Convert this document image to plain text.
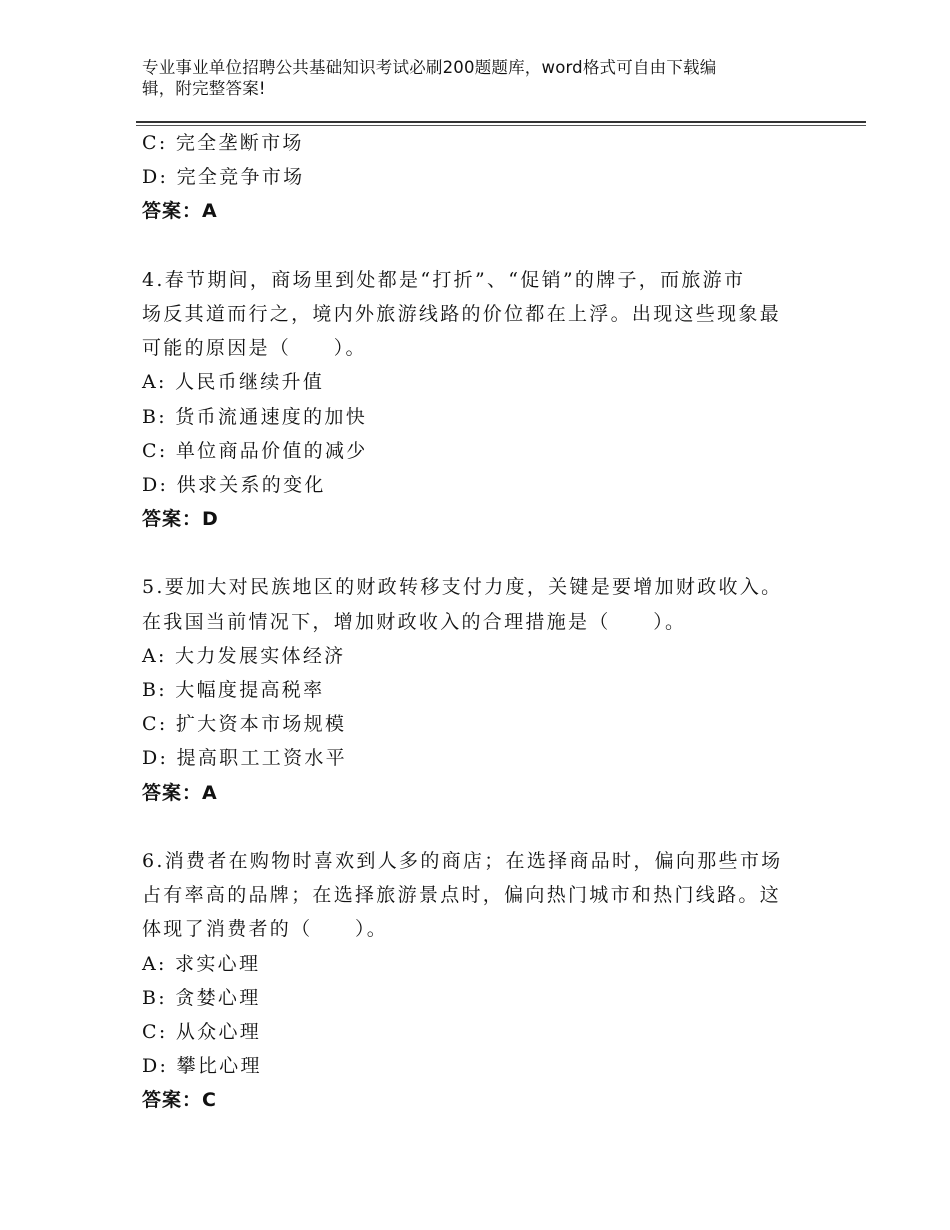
专业事业单位招聘公共基础知识考试必刷200题题库，word格式可自由下载编
辑，附完整答案!
C: 完全垄断市场
D: 完全竞争市场
答案：A
4.春节期间，商场里到处都是“打折”、“促销”的牌子，而旅游市
场反其道而行之，境内外旅游线路的价位都在上浮。出现这些现象最
可能的原因是（　　）。
A: 人民币继续升值
B: 货币流通速度的加快
C: 单位商品价值的减少
D: 供求关系的变化
答案：D
5.要加大对民族地区的财政转移支付力度，关键是要增加财政收入。
在我国当前情况下，增加财政收入的合理措施是（　　）。
A: 大力发展实体经济
B: 大幅度提高税率
C: 扩大资本市场规模
D: 提高职工工资水平
答案：A
6.消费者在购物时喜欢到人多的商店；在选择商品时，偏向那些市场
占有率高的品牌；在选择旅游景点时，偏向热门城市和热门线路。这
体现了消费者的（　　）。
A: 求实心理
B: 贪婪心理
C: 从众心理
D: 攀比心理
答案：C
